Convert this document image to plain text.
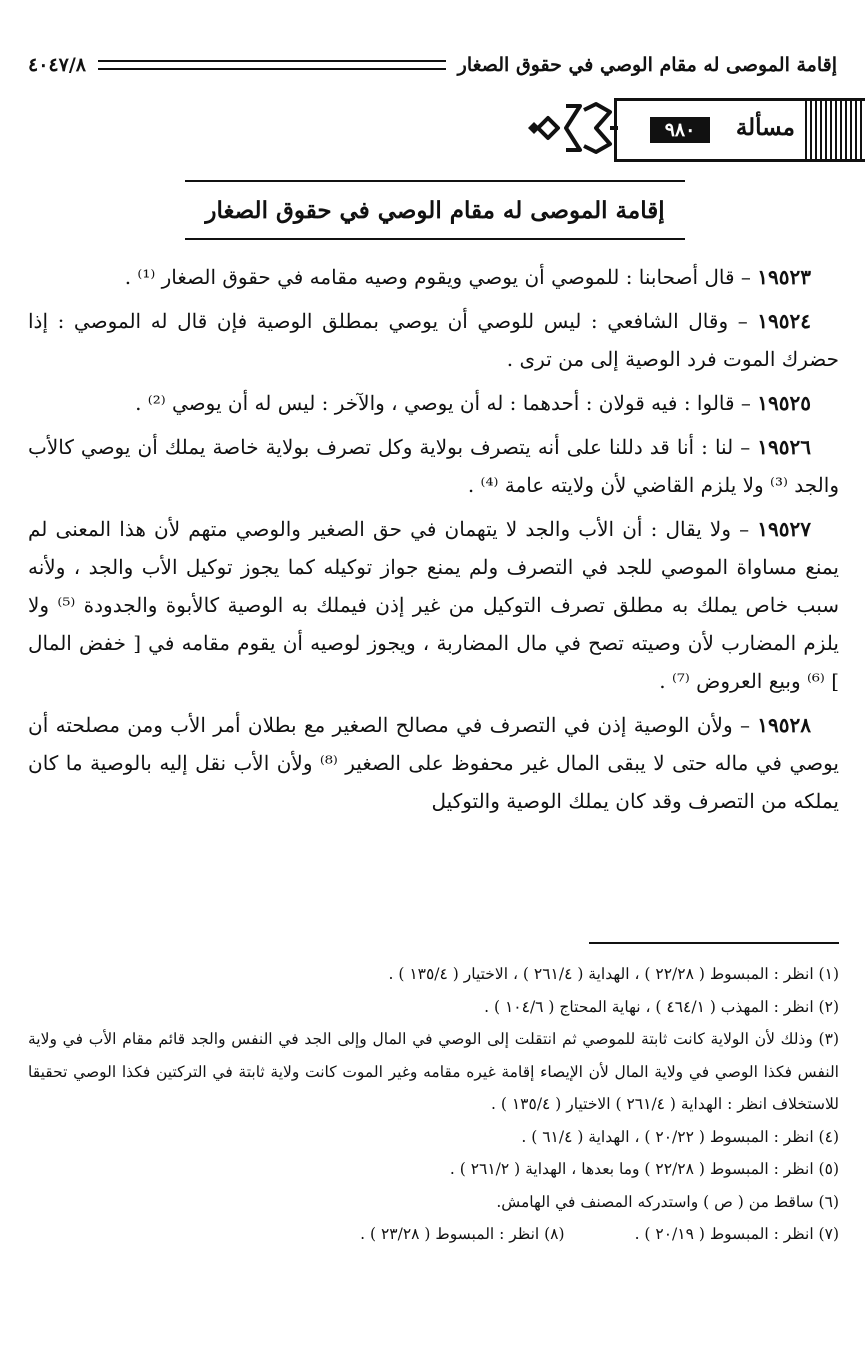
إقامة الموصى له مقام الوصي في حقوق الصغار
٤٠٤٧/٨
مسألة
٩٨٠
إقامة الموصى له مقام الوصي في حقوق الصغار

١٩٥٢٣ – قال أصحابنا : للموصي أن يوصي ويقوم وصيه مقامه في حقوق الصغار ⁽¹⁾ .

١٩٥٢٤ – وقال الشافعي : ليس للوصي أن يوصي بمطلق الوصية فإن قال له الموصي : إذا حضرك الموت فرد الوصية إلى من ترى .

١٩٥٢٥ – قالوا : فيه قولان : أحدهما : له أن يوصي ، والآخر : ليس له أن يوصي ⁽²⁾ .

١٩٥٢٦ – لنا : أنا قد دللنا على أنه يتصرف بولاية وكل تصرف بولاية خاصة يملك أن يوصي كالأب والجد ⁽³⁾ ولا يلزم القاضي لأن ولايته عامة ⁽⁴⁾ .

١٩٥٢٧ – ولا يقال : أن الأب والجد لا يتهمان في حق الصغير والوصي متهم لأن هذا المعنى لم يمنع مساواة الموصي للجد في التصرف ولم يمنع جواز توكيله كما يجوز توكيل الأب والجد ، ولأنه سبب خاص يملك به مطلق تصرف التوكيل من غير إذن فيملك به الوصية كالأبوة والجدودة ⁽⁵⁾ ولا يلزم المضارب لأن وصيته تصح في مال المضاربة ، ويجوز لوصيه أن يقوم مقامه في [ خفض المال ] ⁽⁶⁾ وبيع العروض ⁽⁷⁾ .

١٩٥٢٨ – ولأن الوصية إذن في التصرف في مصالح الصغير مع بطلان أمر الأب ومن مصلحته أن يوصي في ماله حتى لا يبقى المال غير محفوظ على الصغير ⁽⁸⁾ ولأن الأب نقل إليه بالوصية ما كان يملكه من التصرف وقد كان يملك الوصية والتوكيل

(١) انظر : المبسوط ( ٢٢/٢٨ ) ، الهداية ( ٢٦١/٤ ) ، الاختيار ( ١٣٥/٤ ) .

(٢) انظر : المهذب ( ٤٦٤/١ ) ، نهاية المحتاج ( ١٠٤/٦ ) .

(٣) وذلك لأن الولاية كانت ثابتة للموصي ثم انتقلت إلى الوصي في المال وإلى الجد في النفس والجد قائم مقام الأب في ولاية النفس فكذا الوصي في ولاية المال لأن الإيصاء إقامة غيره مقامه وغير الموت كانت ولاية ثابتة في التركتين فكذا الوصي تحقيقا للاستخلاف انظر : الهداية ( ٢٦١/٤ ) الاختيار ( ١٣٥/٤ ) .

(٤) انظر : المبسوط ( ٢٠/٢٢ ) ، الهداية ( ٦١/٤ ) .

(٥) انظر : المبسوط ( ٢٢/٢٨ ) وما بعدها ، الهداية ( ٢٦١/٢ ) .

(٦) ساقط من ( ص ) واستدركه المصنف في الهامش.

(٧) انظر : المبسوط ( ٢٠/١٩ ) .
(٨) انظر : المبسوط ( ٢٣/٢٨ ) .
